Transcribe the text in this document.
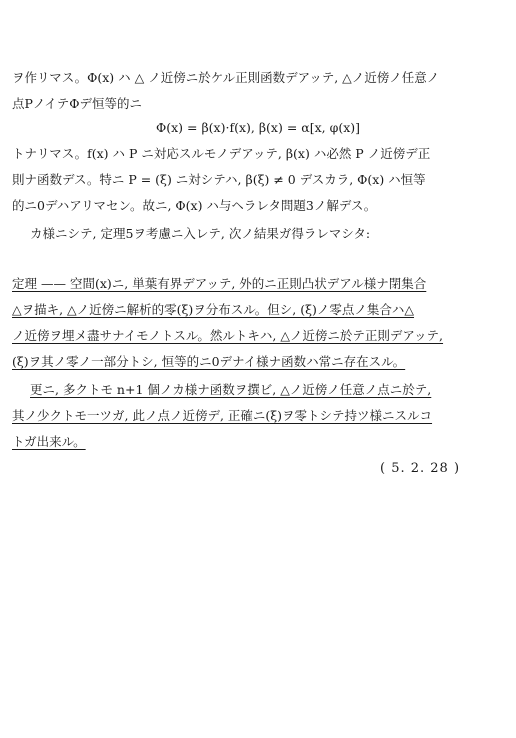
ヲ作リマス。Φ(x) ハ △ ノ近傍ニ於ケル正則函数デアッテ, △ノ近傍ノ任意ノ
点PノイテΦデ恒等的ニ
Φ(x) = β(x)·f(x), β(x) = α[x, φ(x)]
トナリマス。f(x) ハ P ニ対応スルモノデアッテ, β(x) ハ必然 P ノ近傍デ正
則ナ函数デス。特ニ P = (ξ) ニ対シテハ, β(ξ) ≠ 0 デスカラ, Φ(x) ハ恒等
的ニ0デハアリマセン。故ニ, Φ(x) ハ与ヘラレタ問題3ノ解デス。
カ様ニシテ, 定理5ヲ考慮ニ入レテ, 次ノ結果ガ得ラレマシタ:
定理 —— 空間(x)ニ, 単葉有界デアッテ, 外的ニ正則凸状デアル様ナ閉集合
△ヲ描キ, △ノ近傍ニ解析的零(ξ)ヲ分布スル。但シ, (ξ)ノ零点ノ集合ハ△
ノ近傍ヲ埋メ盡サナイモノトスル。然ルトキハ, △ノ近傍ニ於テ正則デアッテ,
(ξ)ヲ其ノ零ノ一部分トシ, 恒等的ニ0デナイ様ナ函数ハ常ニ存在スル。
更ニ, 多クトモ n+1 個ノカ様ナ函数ヲ撰ビ, △ノ近傍ノ任意ノ点ニ於テ,
其ノ少クトモ一ツガ, 此ノ点ノ近傍デ, 正確ニ(ξ)ヲ零トシテ持ツ様ニスルコ
トガ出来ル。
( 5. 2. 28 )
